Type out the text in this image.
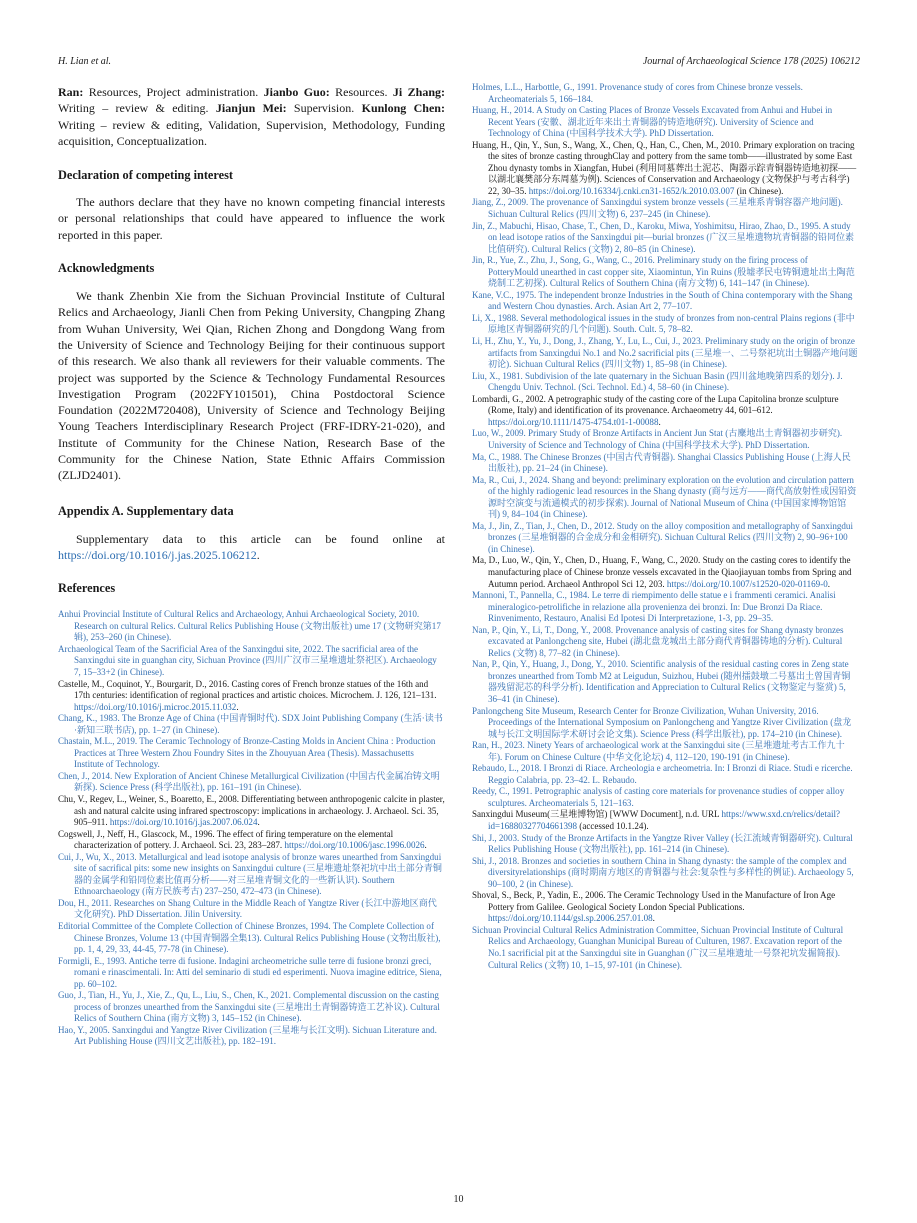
H. Lian et al.	Journal of Archaeological Science 178 (2025) 106212

Ran: Resources, Project administration. Jianbo Guo: Resources. Ji Zhang: Writing – review & editing. Jianjun Mei: Supervision. Kunlong Chen: Writing – review & editing, Validation, Supervision, Methodology, Funding acquisition, Conceptualization.

Declaration of competing interest

The authors declare that they have no known competing financial interests or personal relationships that could have appeared to influence the work reported in this paper.

Acknowledgments

We thank Zhenbin Xie from the Sichuan Provincial Institute of Cultural Relics and Archaeology, Jianli Chen from Peking University, Changping Zhang from Wuhan University, Wei Qian, Richen Zhong and Dongdong Wang from the University of Science and Technology Beijing for their continuous support of this research. We also thank all reviewers for their valuable comments. The project was supported by the Science & Technology Fundamental Resources Investigation Program (2022FY101501), China Postdoctoral Science Foundation (2022M720408), University of Science and Technology Beijing Young Teachers Interdisciplinary Research Project (FRF-IDRY-21-020), and Institute of Community for the Chinese Nation, Research Base of the Community for the Chinese Nation, State Ethnic Affairs Commission (ZLJD2401).

Appendix A. Supplementary data

Supplementary data to this article can be found online at https://doi.org/10.1016/j.jas.2025.106212.

References

Anhui Provincial Institute of Cultural Relics and Archaeology, Anhui Archaeological Society, 2010. Research on cultural Relics. Cultural Relics Publishing House (文物出版社) ume 17 (文物研究第17辑), 253–260 (in Chinese).

Archaeological Team of the Sacrificial Area of the Sanxingdui site, 2022. The sacrificial area of the Sanxingdui site in guanghan city, Sichuan Province (四川广汉市三星堆遗址祭祀区). Archaeology 7, 15–33+2 (in Chinese).

Castelle, M., Coquinot, Y., Bourgarit, D., 2016. Casting cores of French bronze statues of the 16th and 17th centuries: identification of regional practices and artistic choices. Microchem. J. 126, 121–131. https://doi.org/10.1016/j.microc.2015.11.032.

Chang, K., 1983. The Bronze Age of China (中国青铜时代). SDX Joint Publishing Company (生活·读书·新知三联书店), pp. 1–27 (in Chinese).

Chastain, M.L., 2019. The Ceramic Technology of Bronze-Casting Molds in Ancient China : Production Practices at Three Western Zhou Foundry Sites in the Zhouyuan Area (Thesis). Massachusetts Institute of Technology.

Chen, J., 2014. New Exploration of Ancient Chinese Metallurgical Civilization (中国古代金属冶铸文明新探). Science Press (科学出版社), pp. 161–191 (in Chinese).

Chu, V., Regev, L., Weiner, S., Boaretto, E., 2008. Differentiating between anthropogenic calcite in plaster, ash and natural calcite using infrared spectroscopy: implications in archaeology. J. Archaeol. Sci. 35, 905–911. https://doi.org/10.1016/j.jas.2007.06.024.

Cogswell, J., Neff, H., Glascock, M., 1996. The effect of firing temperature on the elemental characterization of pottery. J. Archaeol. Sci. 23, 283–287. https://doi.org/10.1006/jasc.1996.0026.

Cui, J., Wu, X., 2013. Metallurgical and lead isotope analysis of bronze wares unearthed from Sanxingdui site of sacrifical pits: some new insights on Sanxingdui culture (三星堆遗址祭祀坑中出土部分青铜器的金属学和铅同位素比值再分析——对三星堆青铜文化的一些新认识). Southern Ethnoarchaeology (南方民族考古) 237–250, 472–473 (in Chinese).

Dou, H., 2011. Researches on Shang Culture in the Middle Reach of Yangtze River (长江中游地区商代文化研究). PhD Dissertation. Jilin University.

Editorial Committee of the Complete Collection of Chinese Bronzes, 1994. The Complete Collection of Chinese Bronzes, Volume 13 (中国青铜器全集13). Cultural Relics Publishing House (文物出版社), pp. 1, 4, 29, 33, 44-45, 77-78 (in Chinese).

Formigli, E., 1993. Antiche terre di fusione. Indagini archeometriche sulle terre di fusione bronzi greci, romani e rinascimentali. In: Atti del seminario di studi ed esperimenti. Nuova imagine editrice, Siena, pp. 60–102.

Guo, J., Tian, H., Yu, J., Xie, Z., Qu, L., Liu, S., Chen, K., 2021. Complemental discussion on the casting process of bronzes unearthed from the Sanxingdui site (三星堆出土青铜器铸造工艺补议). Cultural Relics of Southern China (南方文物) 3, 145–152 (in Chinese).

Hao, Y., 2005. Sanxingdui and Yangtze River Civilization (三星堆与长江文明). Sichuan Literature and. Art Publishing House (四川文艺出版社), pp. 182–191.

Holmes, L.L., Harbottle, G., 1991. Provenance study of cores from Chinese bronze vessels. Archeomaterials 5, 166–184.

Huang, H., 2014. A Study on Casting Places of Bronze Vessels Excavated from Anhui and Hubei in Recent Years (安徽、湖北近年来出土青铜器的铸造地研究). University of Science and Technology of China (中国科学技术大学). PhD Dissertation.

Huang, H., Qin, Y., Sun, S., Wang, X., Chen, Q., Han, C., Chen, M., 2010. Primary exploration on tracing the sites of bronze casting throughClay and pottery from the same tomb——illustrated by some East Zhou dynasty tombs in Xiangfan, Hubei (利用同墓葬出土泥芯、陶器示踪青铜器铸造地初探——以湖北襄樊部分东周墓为例). Sciences of Conservation and Archaeology (文物保护与考古科学) 22, 30–35. https://doi.org/10.16334/j.cnki.cn31-1652/k.2010.03.007 (in Chinese).

Jiang, Z., 2009. The provenance of Sanxingdui system bronze vessels (三星堆系青铜容器产地问题). Sichuan Cultural Relics (四川文物) 6, 237–245 (in Chinese).

Jin, Z., Mabuchi, Hisao, Chase, T., Chen, D., Karoku, Miwa, Yoshimitsu, Hirao, Zhao, D., 1995. A study on lead isotope ratios of the Sanxingdui pit—burial bronzes (广汉三星堆遗物坑青铜器的铅同位素比值研究). Cultural Relics (文物) 2, 80–85 (in Chinese).

Jin, R., Yue, Z., Zhu, J., Song, G., Wang, C., 2016. Preliminary study on the firing process of PotteryMould unearthed in cast copper site, Xiaomintun, Yin Ruins (殷墟孝民屯铸铜遗址出土陶范烧制工艺初探). Cultural Relics of Southern China (南方文物) 6, 141–147 (in Chinese).

Kane, V.C., 1975. The independent bronze Industries in the South of China contemporary with the Shang and Western Chou dynasties. Arch. Asian Art 2, 77–107.

Li, X., 1988. Several methodological issues in the study of bronzes from non-central Plains regions (非中原地区青铜器研究的几个问题). South. Cult. 5, 78–82.

Li, H., Zhu, Y., Yu, J., Dong, J., Zhang, Y., Lu, L., Cui, J., 2023. Preliminary study on the origin of bronze artifacts from Sanxingdui No.1 and No.2 sacrificial pits (三星堆一、二号祭祀坑出土铜器产地问题初论). Sichuan Cultural Relics (四川文物) 1, 85–98 (in Chinese).

Liu, X., 1981. Subdivision of the late quaternary in the Sichuan Basin (四川盆地晚第四系的划分). J. Chengdu Univ. Technol. (Sci. Technol. Ed.) 4, 58–60 (in Chinese).

Lombardi, G., 2002. A petrographic study of the casting core of the Lupa Capitolina bronze sculpture (Rome, Italy) and identification of its provenance. Archaeometry 44, 601–612. https://doi.org/10.1111/1475-4754.t01-1-00088.

Luo, W., 2009. Primary Study of Bronze Artifacts in Ancient Jun Stat (古麇地出土青铜器初步研究). University of Science and Technology of China (中国科学技术大学). PhD Dissertation.

Ma, C., 1988. The Chinese Bronzes (中国古代青铜器). Shanghai Classics Publishing House (上海人民出版社), pp. 21–24 (in Chinese).

Ma, R., Cui, J., 2024. Shang and beyond: preliminary exploration on the evolution and circulation pattern of the highly radiogenic lead resources in the Shang dynasty (商与远方——商代高放射性成因铅资源时空演变与流通模式的初步探索). Journal of National Museum of China (中国国家博物馆馆刊) 9, 84–104 (in Chinese).

Ma, J., Jin, Z., Tian, J., Chen, D., 2012. Study on the alloy composition and metallography of Sanxingdui bronzes (三星堆铜器的合金成分和金相研究). Sichuan Cultural Relics (四川文物) 2, 90–96+100 (in Chinese).

Ma, D., Luo, W., Qin, Y., Chen, D., Huang, F., Wang, C., 2020. Study on the casting cores to identify the manufacturing place of Chinese bronze vessels excavated in the Qiaojiayuan tombs from Spring and Autumn period. Archaeol Anthropol Sci 12, 203. https://doi.org/10.1007/s12520-020-01169-0.

Mannoni, T., Pannella, C., 1984. Le terre di riempimento delle statue e i frammenti ceramici. Analisi mineralogico-petrolifiche in relazione alla provenienza dei bronzi. In: Due Bronzi Da Riace. Rinvenimento, Restauro, Analisi Ed Ipotesi Di Interpretazione, 1-3, pp. 29–35.

Nan, P., Qin, Y., Li, T., Dong, Y., 2008. Provenance analysis of casting sites for Shang dynasty bronzes excavated at Panlongcheng site, Hubei (湖北盘龙城出土部分商代青铜器铸地的分析). Cultural Relics (文物) 8, 77–82 (in Chinese).

Nan, P., Qin, Y., Huang, J., Dong, Y., 2010. Scientific analysis of the residual casting cores in Zeng state bronzes unearthed from Tomb M2 at Leigudun, Suizhou, Hubei (随州擂鼓墩二号墓出土曾国青铜器残留泥芯的科学分析). Identification and Appreciation to Cultural Relics (文物鉴定与鉴赏) 5, 36–41 (in Chinese).

Panlongcheng Site Museum, Research Center for Bronze Civilization, Wuhan University, 2016. Proceedings of the International Symposium on Panlongcheng and Yangtze River Civilization (盘龙城与长江文明国际学术研讨会论文集). Science Press (科学出版社), pp. 174–210 (in Chinese).

Ran, H., 2023. Ninety Years of archaeological work at the Sanxingdui site (三星堆遗址考古工作九十年). Forum on Chinese Culture (中华文化论坛) 4, 112–120, 190-191 (in Chinese).

Rebaudo, L., 2018. I Bronzi di Riace. Archeologia e archeometria. In: I Bronzi di Riace. Studi e ricerche. Reggio Calabria, pp. 23–42. L. Rebaudo.

Reedy, C., 1991. Petrographic analysis of casting core materials for provenance studies of copper alloy sculptures. Archeomaterials 5, 121–163.

Sanxingdui Museum(三星堆博物馆) [WWW Document], n.d. URL https://www.sxd.cn/relics/detail?id=16880327704661398 (accessed 10.1.24).

Shi, J., 2003. Study of the Bronze Artifacts in the Yangtze River Valley (长江流域青铜器研究). Cultural Relics Publishing House (文物出版社), pp. 161–214 (in Chinese).

Shi, J., 2018. Bronzes and societies in southern China in Shang dynasty: the sample of the complex and diversityrelationships (商时期南方地区的青铜器与社会:复杂性与多样性的例证). Archaeology 5, 90–100, 2 (in Chinese).

Shoval, S., Beck, P., Yadin, E., 2006. The Ceramic Technology Used in the Manufacture of Iron Age Pottery from Galilee. Geological Society London Special Publications. https://doi.org/10.1144/gsl.sp.2006.257.01.08.

Sichuan Provincial Cultural Relics Administration Committee, Sichuan Provincial Institute of Cultural Relics and Archaeology, Guanghan Municipal Bureau of Culturen, 1987. Excavation report of the No.1 sacrificial pit at the Sanxingdui site in Guanghan (广汉三星堆遗址一号祭祀坑发掘简报). Cultural Relics (文物) 10, 1–15, 97-101 (in Chinese).

10
